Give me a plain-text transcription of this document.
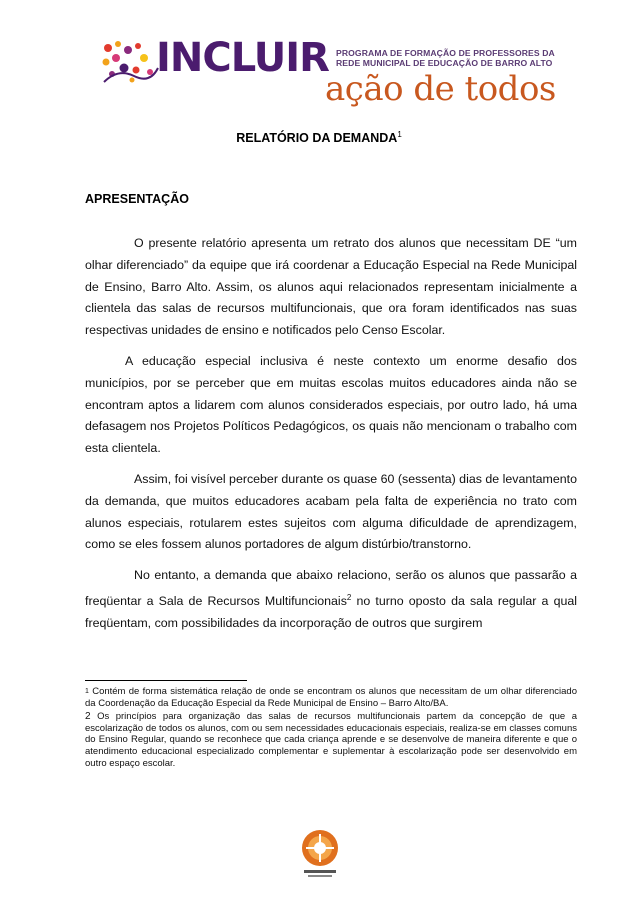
INCLUIR PROGRAMA DE FORMAÇÃO DE PROFESSORES DA
REDE MUNICIPAL DE EDUCAÇÃO DE BARRO ALTO
ação de todos
RELATÓRIO DA DEMANDA$^1$
APRESENTAÇÃO

O presente relatório apresenta um retrato dos alunos que necessitam DE “um olhar diferenciado” da equipe que irá coordenar a Educação Especial na Rede Municipal de Ensino, Barro Alto. Assim, os alunos aqui relacionados representam inicialmente a clientela das salas de recursos multifuncionais, que ora foram identificados nas suas respectivas unidades de ensino e notificados pelo Censo Escolar.

A educação especial inclusiva é neste contexto um enorme desafio dos municípios, por se perceber que em muitas escolas muitos educadores ainda não se encontram aptos a lidarem com alunos considerados especiais, por outro lado, há uma defasagem nos Projetos Políticos Pedagógicos, os quais não mencionam o trabalho com esta clientela.

Assim, foi visível perceber durante os quase 60 (sessenta) dias de levantamento da demanda, que muitos educadores acabam pela falta de experiência no trato com alunos especiais, rotularem estes sujeitos com alguma dificuldade de aprendizagem, como se eles fossem alunos portadores de algum distúrbio/transtorno.

No entanto, a demanda que abaixo relaciono, serão os alunos que passarão a freqüentar a Sala de Recursos Multifuncionais$^2$ no turno oposto da sala regular a qual freqüentam, com possibilidades da incorporação de outros que surgirem

$^1$ Contém de forma sistemática relação de onde se encontram os alunos que necessitam de um olhar diferenciado da Coordenação da Educação Especial da Rede Municipal de Ensino – Barro Alto/BA.

2 Os princípios para organização das salas de recursos multifuncionais partem da concepção de que a escolarização de todos os alunos, com ou sem necessidades educacionais especiais, realiza-se em classes comuns do Ensino Regular, quando se reconhece que cada criança aprende e se desenvolve de maneira diferente e que o atendimento educacional especializado complementar e suplementar à escolarização pode ser desenvolvido em outro espaço escolar.
